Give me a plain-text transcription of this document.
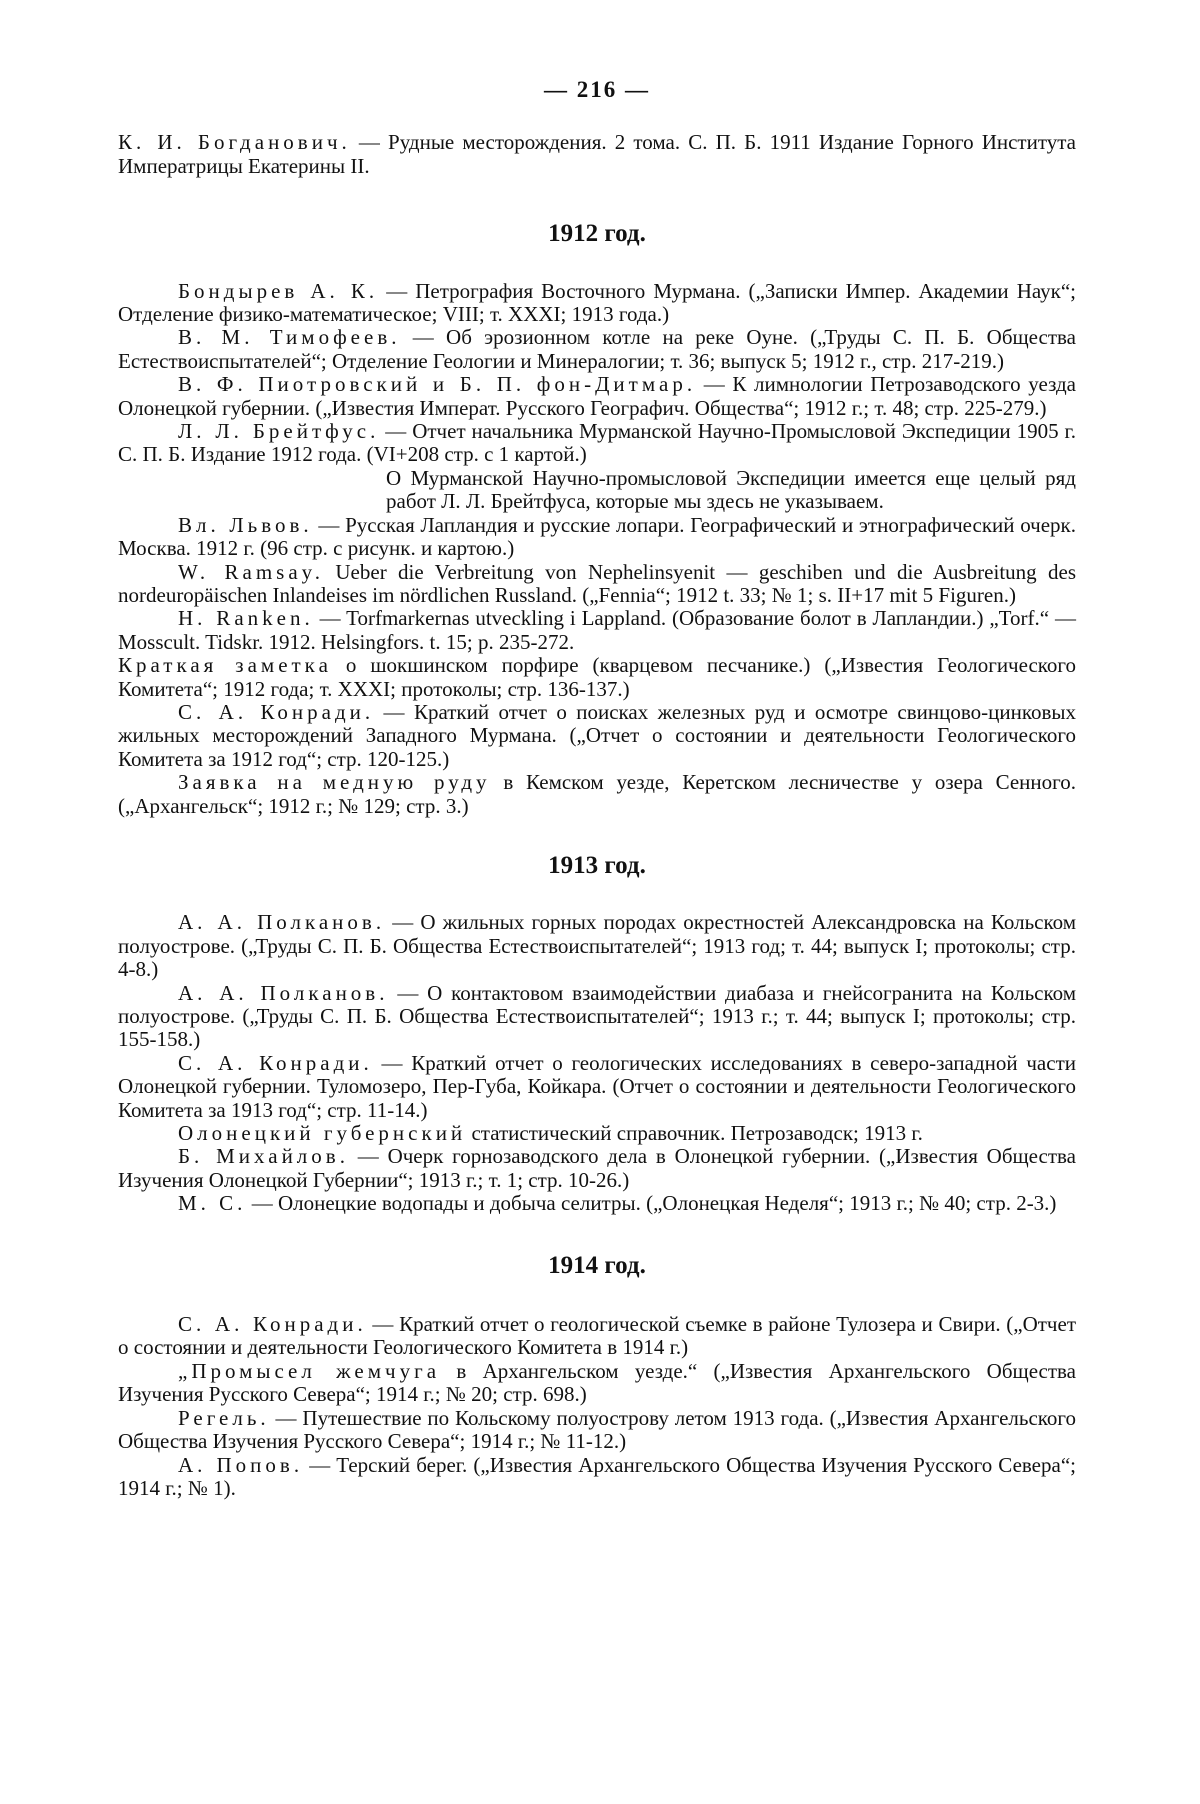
— 216 —

К. И. Богданович. — Рудные месторождения. 2 тома. С. П. Б. 1911 Издание Горного Института Императрицы Екатерины II.

1912 год.

Бондырев А. К. — Петрография Восточного Мурмана. („Записки Импер. Академии Наук“; Отделение физико-математическое; VIII; т. XXXI; 1913 года.)

В. М. Тимофеев. — Об эрозионном котле на реке Оуне. („Труды С. П. Б. Общества Естествоиспытателей“; Отделение Геологии и Минералогии; т. 36; выпуск 5; 1912 г., стр. 217-219.)

В. Ф. Пиотровский и Б. П. фон-Дитмар. — К лимнологии Петрозаводского уезда Олонецкой губернии. („Известия Императ. Русского Географич. Общества“; 1912 г.; т. 48; стр. 225-279.)

Л. Л. Брейтфус. — Отчет начальника Мурманской Научно-Промысловой Экспедиции 1905 г. С. П. Б. Издание 1912 года. (VI+208 стр. с 1 картой.)

О Мурманской Научно-промысловой Экспедиции имеется еще целый ряд работ Л. Л. Брейтфуса, которые мы здесь не указываем.

Вл. Львов. — Русская Лапландия и русские лопари. Географический и этнографический очерк. Москва. 1912 г. (96 стр. с рисунк. и картою.)

W. Ramsay. Ueber die Verbreitung von Nephelinsyenit — geschiben und die Ausbreitung des nordeuropäischen Inlandeises im nördlichen Russland. („Fennia“; 1912 t. 33; № 1; s. II+17 mit 5 Figuren.)

H. Ranken. — Torfmarkernas utveckling i Lappland. (Образование болот в Лапландии.) „Torf.“ — Mosscult. Tidskr. 1912. Helsingfors. t. 15; p. 235-272.

Краткая заметка о шокшинском порфире (кварцевом песчанике.) („Известия Геологического Комитета“; 1912 года; т. XXXI; протоколы; стр. 136-137.)

С. А. Конради. — Краткий отчет о поисках железных руд и осмотре свинцово-цинковых жильных месторождений Западного Мурмана. („Отчет о состоянии и деятельности Геологического Комитета за 1912 год“; стр. 120-125.)

Заявка на медную руду в Кемском уезде, Керетском лесничестве у озера Сенного. („Архангельск“; 1912 г.; № 129; стр. 3.)

1913 год.

А. А. Полканов. — О жильных горных породах окрестностей Александровска на Кольском полуострове. („Труды С. П. Б. Общества Естествоиспытателей“; 1913 год; т. 44; выпуск I; протоколы; стр. 4-8.)

А. А. Полканов. — О контактовом взаимодействии диабаза и гнейсогранита на Кольском полуострове. („Труды С. П. Б. Общества Естествоиспытателей“; 1913 г.; т. 44; выпуск I; протоколы; стр. 155-158.)

С. А. Конради. — Краткий отчет о геологических исследованиях в северо-западной части Олонецкой губернии. Туломозеро, Пер-Губа, Койкара. (Отчет о состоянии и деятельности Геологического Комитета за 1913 год“; стр. 11-14.)

Олонецкий губернский статистический справочник. Петрозаводск; 1913 г.

Б. Михайлов. — Очерк горнозаводского дела в Олонецкой губернии. („Известия Общества Изучения Олонецкой Губернии“; 1913 г.; т. 1; стр. 10-26.)

М. С. — Олонецкие водопады и добыча селитры. („Олонецкая Неделя“; 1913 г.; № 40; стр. 2-3.)

1914 год.

С. А. Конради. — Краткий отчет о геологической съемке в районе Тулозера и Свири. („Отчет о состоянии и деятельности Геологического Комитета в 1914 г.)

„Промысел жемчуга в Архангельском уезде.“ („Известия Архангельского Общества Изучения Русского Севера“; 1914 г.; № 20; стр. 698.)

Регель. — Путешествие по Кольскому полуострову летом 1913 года. („Известия Архангельского Общества Изучения Русского Севера“; 1914 г.; № 11-12.)

А. Попов. — Терский берег. („Известия Архангельского Общества Изучения Русского Севера“; 1914 г.; № 1).
